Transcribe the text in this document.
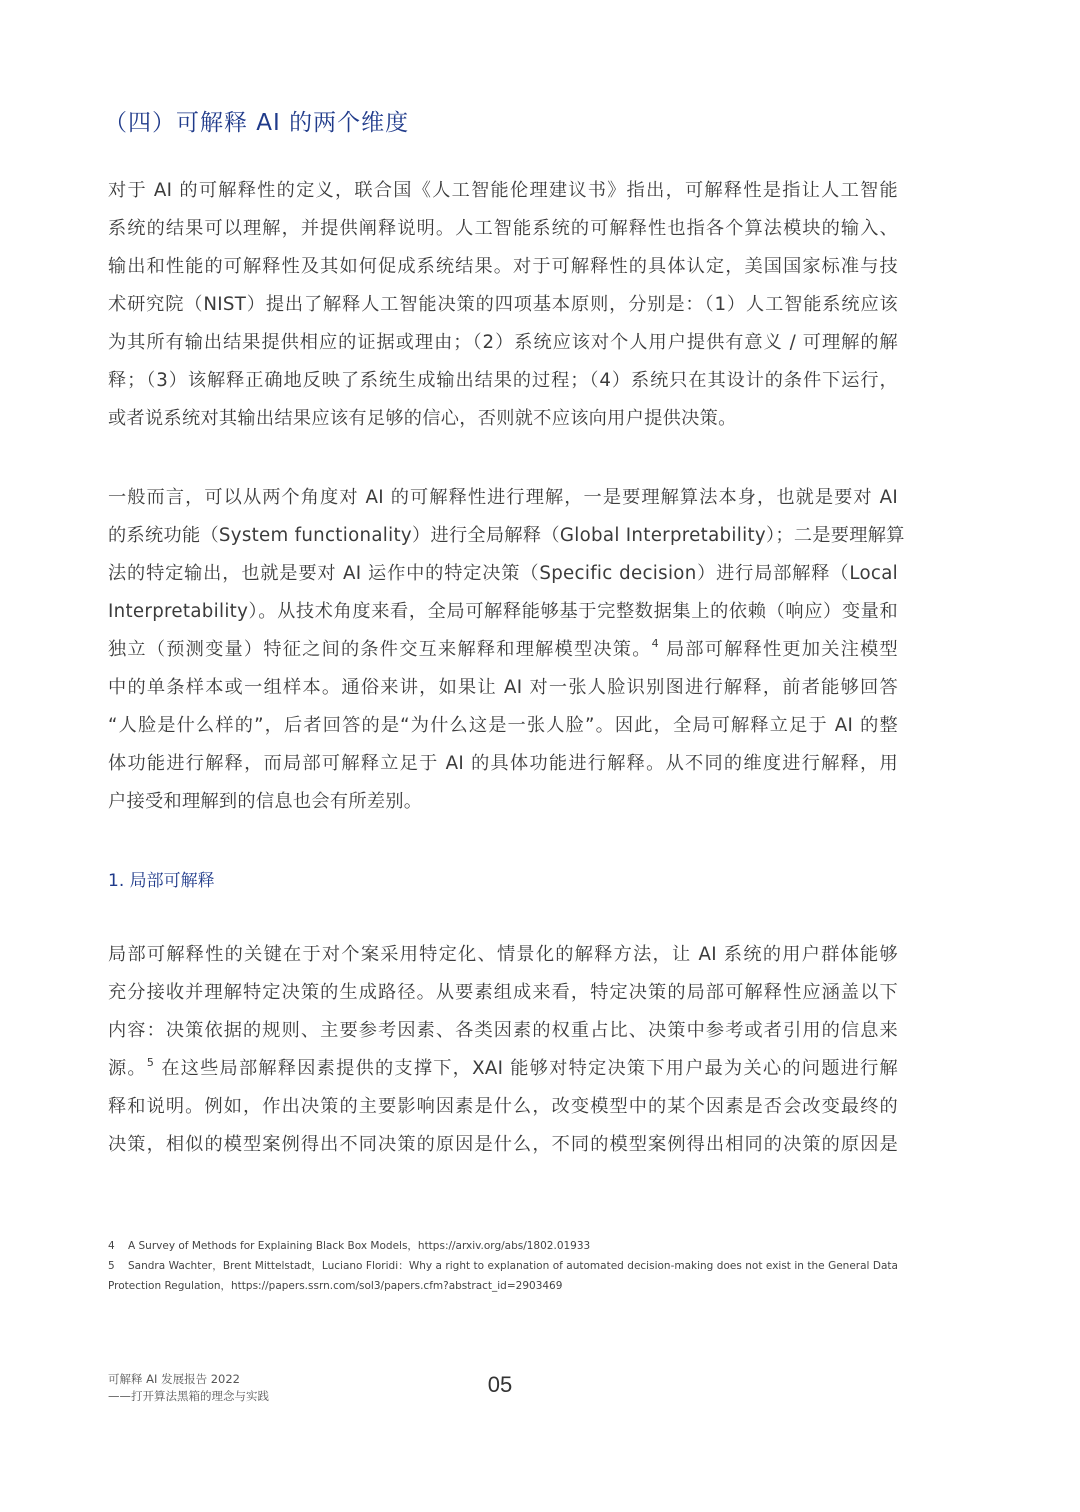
（四）可解释 AI 的两个维度
对于 AI 的可解释性的定义，联合国《人工智能伦理建议书》指出，可解释性是指让人工智能
系统的结果可以理解，并提供阐释说明。人工智能系统的可解释性也指各个算法模块的输入、
输出和性能的可解释性及其如何促成系统结果。对于可解释性的具体认定，美国国家标准与技
术研究院（NIST）提出了解释人工智能决策的四项基本原则，分别是：（1）人工智能系统应该
为其所有输出结果提供相应的证据或理由；（2）系统应该对个人用户提供有意义 / 可理解的解
释；（3）该解释正确地反映了系统生成输出结果的过程；（4）系统只在其设计的条件下运行，
或者说系统对其输出结果应该有足够的信心，否则就不应该向用户提供决策。
一般而言，可以从两个角度对 AI 的可解释性进行理解，一是要理解算法本身，也就是要对 AI
的系统功能（System functionality）进行全局解释（Global Interpretability）；二是要理解算
法的特定输出，也就是要对 AI 运作中的特定决策（Specific decision）进行局部解释（Local
Interpretability）。从技术角度来看，全局可解释能够基于完整数据集上的依赖（响应）变量和
独立（预测变量）特征之间的条件交互来解释和理解模型决策。$^4$ 局部可解释性更加关注模型
中的单条样本或一组样本。通俗来讲，如果让 AI 对一张人脸识别图进行解释，前者能够回答
“人脸是什么样的”，后者回答的是“为什么这是一张人脸”。因此，全局可解释立足于 AI 的整
体功能进行解释，而局部可解释立足于 AI 的具体功能进行解释。从不同的维度进行解释，用
户接受和理解到的信息也会有所差别。
1. 局部可解释
局部可解释性的关键在于对个案采用特定化、情景化的解释方法，让 AI 系统的用户群体能够
充分接收并理解特定决策的生成路径。从要素组成来看，特定决策的局部可解释性应涵盖以下
内容：决策依据的规则、主要参考因素、各类因素的权重占比、决策中参考或者引用的信息来
源。$^5$ 在这些局部解释因素提供的支撑下，XAI 能够对特定决策下用户最为关心的问题进行解
释和说明。例如，作出决策的主要影响因素是什么，改变模型中的某个因素是否会改变最终的
决策，相似的模型案例得出不同决策的原因是什么，不同的模型案例得出相同的决策的原因是
4 A Survey of Methods for Explaining Black Box Models，https://arxiv.org/abs/1802.01933
5 Sandra Wachter，Brent Mittelstadt，Luciano Floridi：Why a right to explanation of automated decision-making does not exist in the General Data
Protection Regulation，https://papers.ssrn.com/sol3/papers.cfm?abstract_id=2903469
可解释 AI 发展报告 2022
——打开算法黑箱的理念与实践	05
